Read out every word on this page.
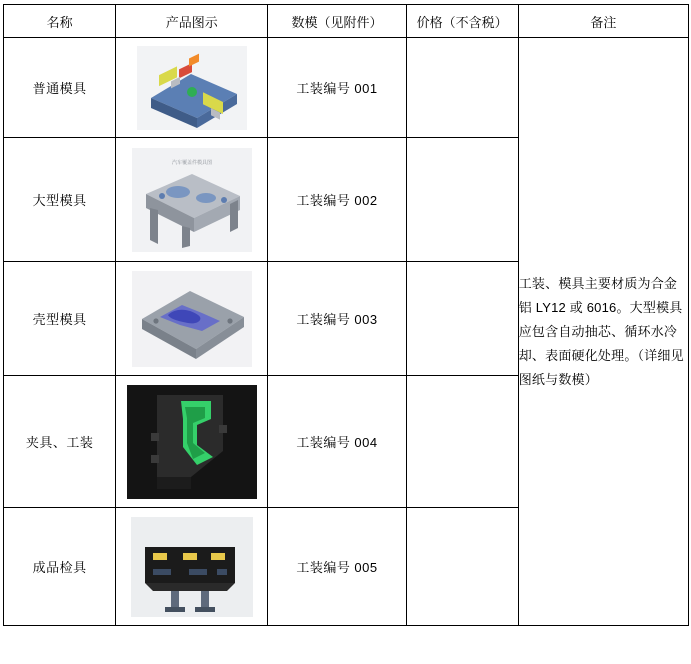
名称	产品图示	数模（见附件）	价格（不含税）	备注
普通模具		工装编号 001		工装、模具主要材质为合金铝 LY12 或 6016。大型模具应包含自动抽芯、循环水冷却、表面硬化处理。（详细见图纸与数模）

大型模具	汽车覆盖件模具图	工装编号 002		
壳型模具		工装编号 003		
夹具、工装		工装编号 004		
成品检具		工装编号 005		
